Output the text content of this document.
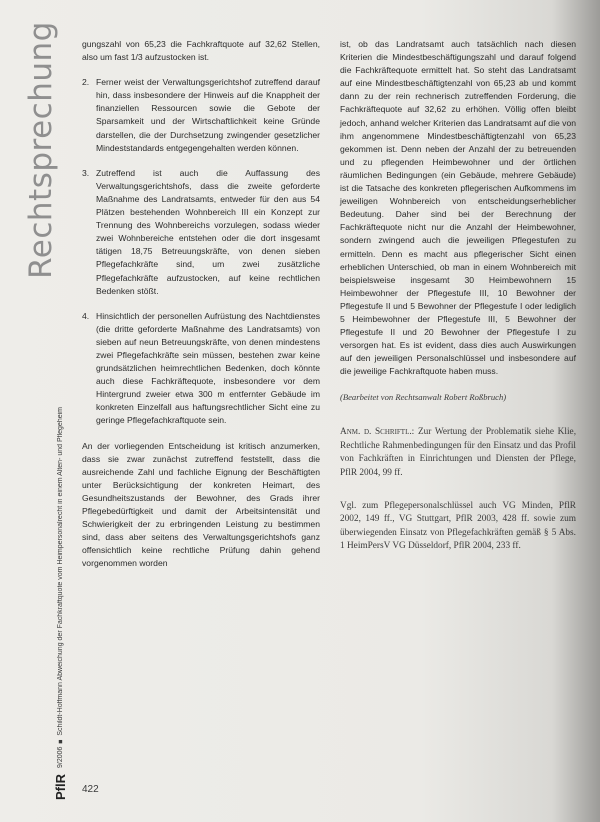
Rechtsprechung	gungszahl von 65,23 die Fachkraftquote auf 32,62 Stellen, also um fast 1/3 aufzustocken ist.

2. Ferner weist der Verwaltungsgerichtshof zutreffend darauf hin, dass insbesondere der Hinweis auf die Knappheit der finanziellen Ressourcen sowie die Gebote der Sparsamkeit und der Wirtschaftlichkeit keine Gründe darstellen, die der Durchsetzung zwingender gesetzlicher Mindeststandards entgegengehalten werden können.
3. Zutreffend ist auch die Auffassung des Verwaltungsgerichtshofs, dass die zweite geforderte Maßnahme des Landratsamts, entweder für den aus 54 Plätzen bestehenden Wohnbereich III ein Konzept zur Trennung des Wohnbereichs vorzulegen, sodass wieder zwei Wohnbereiche entstehen oder die dort insgesamt tätigen 18,75 Betreuungskräfte, von denen sieben Pflegefachkräfte sind, um zwei zusätzliche Pflegefachkräfte aufzustocken, auf keine rechtlichen Bedenken stößt.
4. Hinsichtlich der personellen Aufrüstung des Nachtdienstes (die dritte geforderte Maßnahme des Landratsamts) von sieben auf neun Betreuungskräfte, von denen mindestens zwei Pflegefachkräfte sein müssen, bestehen zwar keine grundsätzlichen heimrechtlichen Bedenken, doch könnte auch diese Fachkräftequote, insbesondere vor dem Hintergrund zweier etwa 300 m entfernter Gebäude im konkreten Einzelfall aus haftungsrechtlicher Sicht eine zu geringe Pflegefachkraftquote sein.

An der vorliegenden Entscheidung ist kritisch anzumerken, dass sie zwar zunächst zutreffend feststellt, dass die ausreichende Zahl und fachliche Eignung der Beschäftigten unter Berücksichtigung der konkreten Heimart, des Gesundheitszustands der Bewohner, des Grads ihrer Pflegebedürftigkeit und damit der Arbeitsintensität und Schwierigkeit der zu erbringenden Leistung zu bestimmen sind, dass aber seitens des Verwaltungsgerichtshofs ganz offensichtlich keine rechtliche Prüfung dahin gehend vorgenommen worden

ist, ob das Landratsamt auch tatsächlich nach diesen Kriterien die Mindestbeschäftigungszahl und darauf folgend die Fachkräftequote ermittelt hat. So steht das Landratsamt auf eine Mindestbeschäftigtenzahl von 65,23 ab und kommt dann zu der rein rechnerisch zutreffenden Forderung, die Fachkräftequote auf 32,62 zu erhöhen. Völlig offen bleibt jedoch, anhand welcher Kriterien das Landratsamt auf die von ihm angenommene Mindestbeschäftigtenzahl von 65,23 gekommen ist. Denn neben der Anzahl der zu betreuenden und zu pflegenden Heimbewohner und der örtlichen räumlichen Bedingungen (ein Gebäude, mehrere Gebäude) ist die Tatsache des konkreten pflegerischen Aufkommens im jeweiligen Wohnbereich von entscheidungserheblicher Bedeutung. Daher sind bei der Berechnung der Fachkräftequote nicht nur die Anzahl der Heimbewohner, sondern zwingend auch die jeweiligen Pflegestufen zu ermitteln. Denn es macht aus pflegerischer Sicht einen erheblichen Unterschied, ob man in einem Wohnbereich mit beispielsweise insgesamt 30 Heimbewohnern 15 Heimbewohner der Pflegestufe III, 10 Bewohner der Pflegestufe II und 5 Bewohner der Pflegestufe I oder lediglich 5 Heimbewohner der Pflegestufe III, 5 Bewohner der Pflegestufe II und 20 Bewohner der Pflegestufe I zu versorgen hat. Es ist evident, dass dies auch Auswirkungen auf den jeweiligen Personalschlüssel und insbesondere auf die jeweilige Fachkraftquote haben muss.

(Bearbeitet von Rechtsanwalt Robert Roßbruch)

Anm. d. Schriftl.: Zur Wertung der Problematik siehe Klie, Rechtliche Rahmenbedingungen für den Einsatz und das Profil von Fachkräften in Einrichtungen und Diensten der Pflege, PflR 2004, 99 ff.

Vgl. zum Pflegepersonalschlüssel auch VG Minden, PflR 2002, 149 ff., VG Stuttgart, PflR 2003, 428 ff. sowie zum überwiegenden Einsatz von Pflegefachkräften gemäß § 5 Abs. 1 HeimPersV VG Düsseldorf, PflR 2004, 233 ff.

9/2006 ■ Schildt-Hoffmann Abweichung der Fachkraftquote vom Heimpersonalrecht in einem Alten- und Pflegeheim
PflR 422
